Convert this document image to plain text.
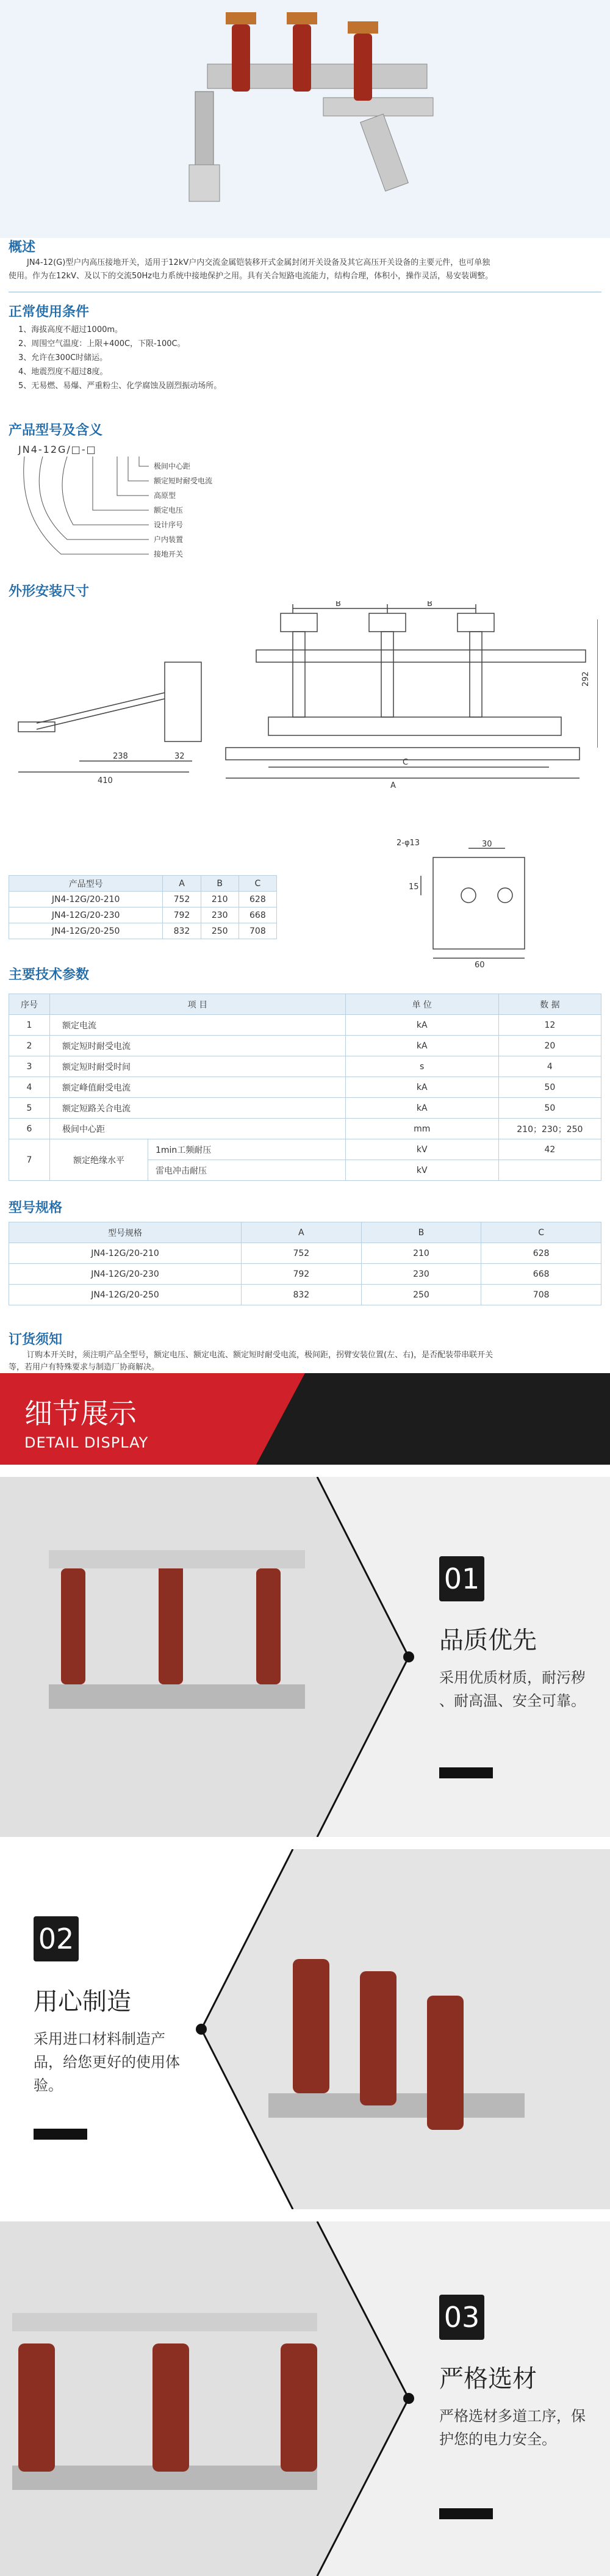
概述
JN4-12(G)型户内高压接地开关，适用于12kV户内交流金属铠装移开式金属封闭开关设备及其它高压开关设备的主要元件，也可单独
使用。作为在12kV、及以下的交流50Hz电力系统中接地保护之用。具有关合短路电流能力，结构合理，体积小，操作灵活，易安装调整。
正常使用条件
1、海拔高度不超过1000m。
2、周围空气温度：上限+400C，下限-100C。
3、允许在300C时储运。
4、地震烈度不超过8度。
5、无易燃、易爆、严重粉尘、化学腐蚀及剧烈振动场所。
产品型号及含义
JN4-12G/□-□
极间中心距
额定短时耐受电流
高原型
额定电压
设计序号
户内装置
接地开关
外形安装尺寸
B	B
292
238	32
410
C
A
30
2-φ13
15
60
产品型号	A	B	C
JN4-12G/20-210	752	210	628
JN4-12G/20-230	792	230	668
JN4-12G/20-250	832	250	708
主要技术参数
序号	项 目		单 位	数 据
1	额定电流		kA	12
2	额定短时耐受电流		kA	20
3	额定短时耐受时间		s	4
4	额定峰值耐受电流		kA	50
5	额定短路关合电流		kA	50
6	极间中心距		mm	210；230；250
7	额定绝缘水平	1min工频耐压	kV	42
		雷电冲击耐压	kV	
型号规格
型号规格	A	B	C
JN4-12G/20-210	752	210	628
JN4-12G/20-230	792	230	668
JN4-12G/20-250	832	250	708
订货须知
订购本开关时，须注明产品全型号，额定电压、额定电流、额定短时耐受电流，极间距，拐臂安装位置(左、右)，是否配装带串联开关
等，若用户有特殊要求与制造厂协商解决。
细节展示
DETAIL DISPLAY
01
品质优先
采用优质材质，耐污秽
、耐高温、安全可靠。
02
用心制造
采用进口材料制造产
品，给您更好的使用体
验。
03
严格选材
严格选材多道工序，保
护您的电力安全。
